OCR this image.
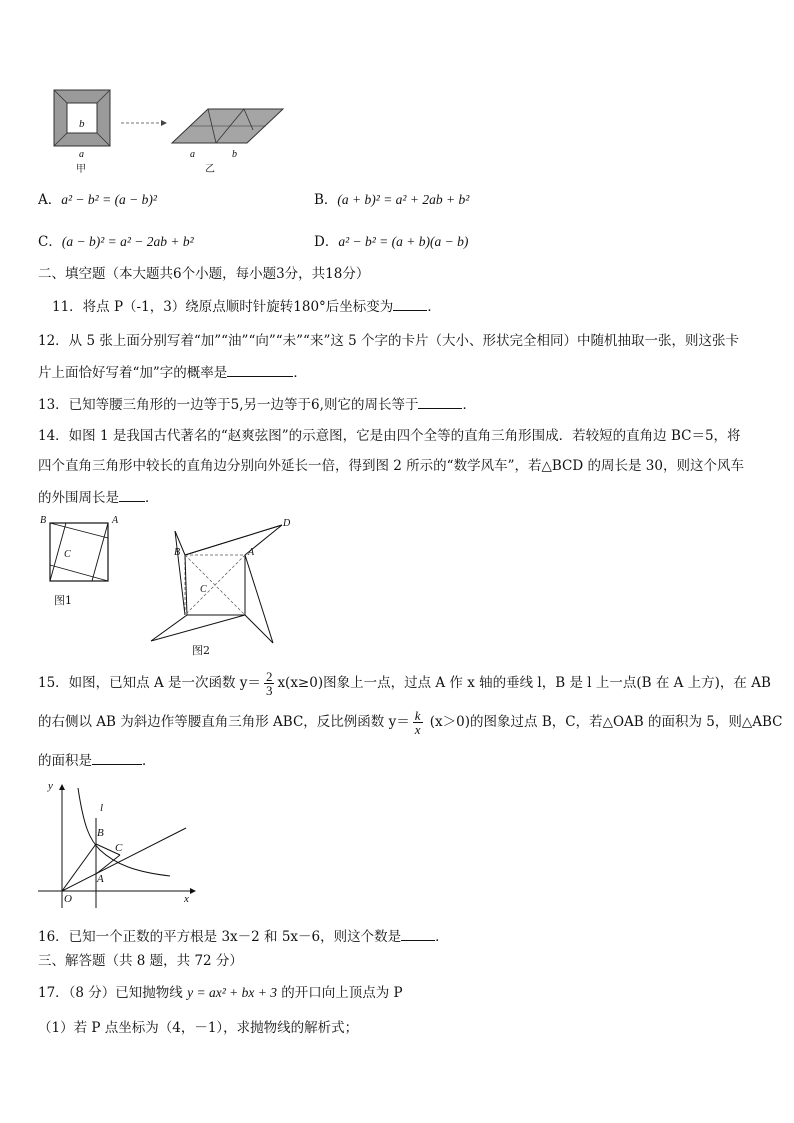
b
a
甲
a	b
乙
A．a² − b² = (a − b)²	B．(a + b)² = a² + 2ab + b²
C．(a − b)² = a² − 2ab + b²	D．a² − b² = (a + b)(a − b)
二、填空题（本大题共6个小题，每小题3分，共18分）
11．将点 P（-1，3）绕原点顺时针旋转180°后坐标变为	．
12．从 5 张上面分别写着“加”“油”“向”“未”“来”这 5 个字的卡片（大小、形状完全相同）中随机抽取一张，则这张卡
片上面恰好写着“加”字的概率是	．
13．已知等腰三角形的一边等于5,另一边等于6,则它的周长等于	．
14．如图 1 是我国古代著名的“赵爽弦图”的示意图，它是由四个全等的直角三角形围成．若较短的直角边 BC＝5，将
四个直角三角形中较长的直角边分别向外延长一倍，得到图 2 所示的“数学风车”，若△BCD 的周长是 30，则这个风车
的外围周长是 ．
B	A
C
图1
B	A
C
D
图2
15．如图，已知点 A 是一次函数 $y= \frac{2}{3} x(x\ge 0)$图象上一点，过点 A 作 x 轴的垂线 l，B 是 l 上一点(B 在 A 上方)，在 AB
的右侧以 AB 为斜边作等腰直角三角形 ABC，反比例函数 $y= \frac{k}{x} (x>0)$的图象过点 B，C，若△OAB 的面积为 5，则△ABC
的面积是	．
y
x
O
l
A
B
C
16．已知一个正数的平方根是 3x－2 和 5x－6，则这个数是	．
三、解答题（共 8 题，共 72 分）
17．（8 分）已知抛物线 y = ax² + bx + 3 的开口向上顶点为 P
（1）若 P 点坐标为（4，－1），求抛物线的解析式；
